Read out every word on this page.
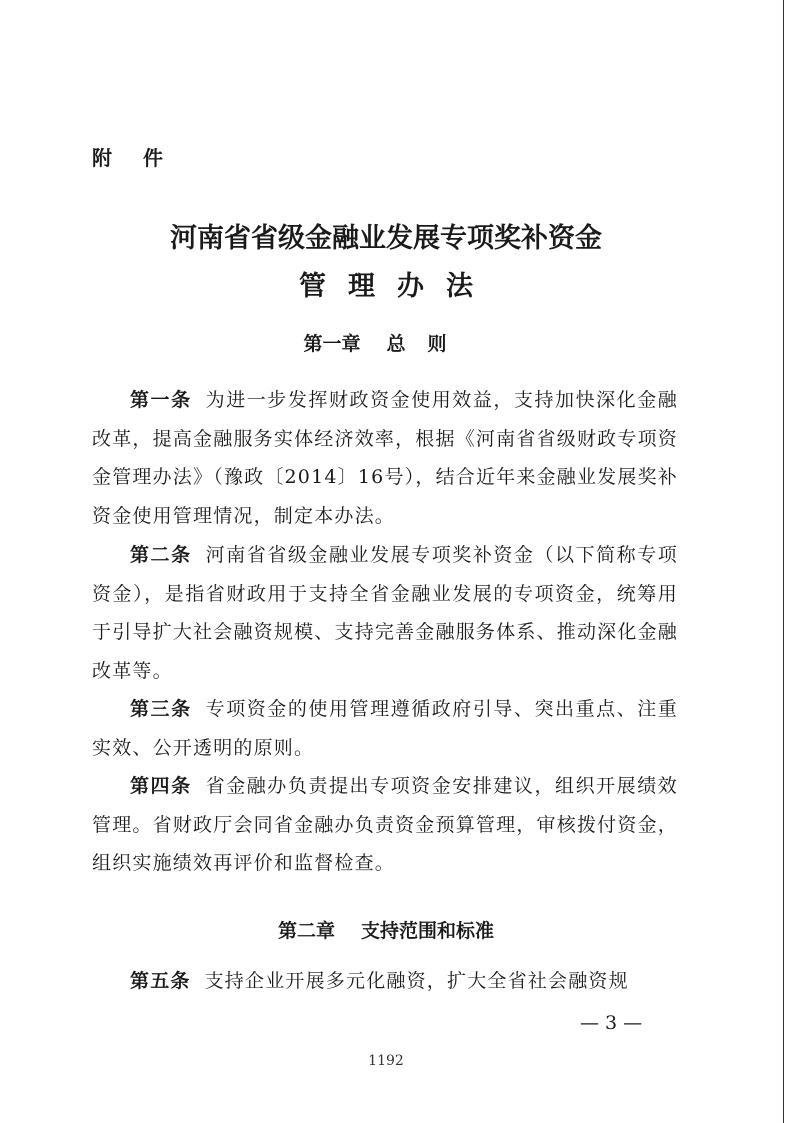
附 件
河南省省级金融业发展专项奖补资金
管理办法
第一章 总则
第一条 为进一步发挥财政资金使用效益，支持加快深化金融改革，提高金融服务实体经济效率，根据《河南省省级财政专项资金管理办法》（豫政〔2014〕16号），结合近年来金融业发展奖补资金使用管理情况，制定本办法。
第二条 河南省省级金融业发展专项奖补资金（以下简称专项资金），是指省财政用于支持全省金融业发展的专项资金，统筹用于引导扩大社会融资规模、支持完善金融服务体系、推动深化金融改革等。
第三条 专项资金的使用管理遵循政府引导、突出重点、注重实效、公开透明的原则。
第四条 省金融办负责提出专项资金安排建议，组织开展绩效管理。省财政厅会同省金融办负责资金预算管理，审核拨付资金，组织实施绩效再评价和监督检查。
第二章 支持范围和标准
第五条 支持企业开展多元化融资，扩大全省社会融资规
— 3 —
1192
